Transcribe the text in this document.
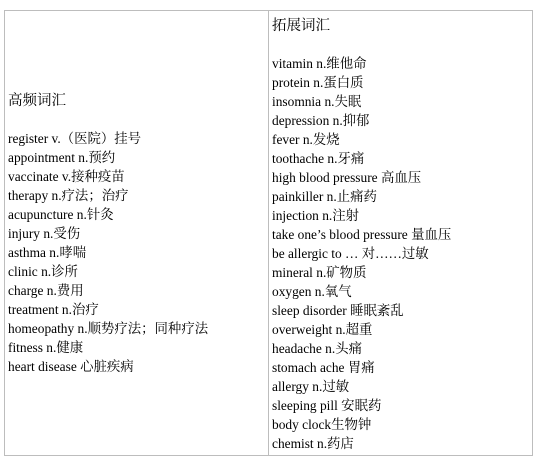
高频词汇
register v.（医院）挂号
appointment n.预约
vaccinate v.接种疫苗
therapy n.疗法；治疗
acupuncture n.针灸
injury n.受伤
asthma n.哮喘
clinic n.诊所
charge n.费用
treatment n.治疗
homeopathy n.顺势疗法；同种疗法
fitness n.健康
heart disease 心脏疾病

拓展词汇
vitamin n.维他命
protein n.蛋白质
insomnia n.失眠
depression n.抑郁
fever n.发烧
toothache n.牙痛
high blood pressure 高血压
painkiller n.止痛药
injection n.注射
take one’s blood pressure 量血压
be allergic to … 对……过敏
mineral n.矿物质
oxygen n.氧气
sleep disorder 睡眠紊乱
overweight n.超重
headache n.头痛
stomach ache 胃痛
allergy n.过敏
sleeping pill 安眠药
body clock生物钟
chemist n.药店
